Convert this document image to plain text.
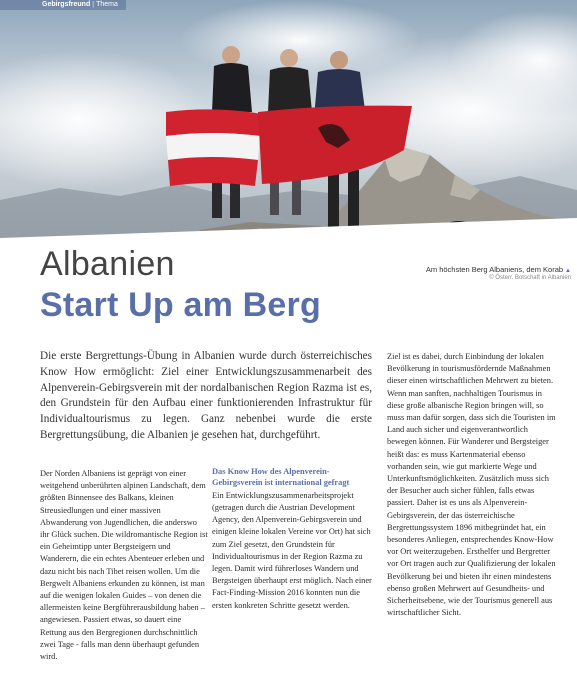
Gebirgsfreund | Thema
Am höchsten Berg Albaniens, dem Korab ▲
© Österr. Botschaft in Albanien
Albanien
Start Up am Berg

Die erste Bergrettungs-Übung in Albanien wurde durch österreichisches Know How ermöglicht: Ziel einer Entwicklungszusammenarbeit des Alpenverein-Gebirgsverein mit der nordalbanischen Region Razma ist es, den Grundstein für den Aufbau einer funktionierenden Infrastruktur für Individualtourismus zu legen. Ganz nebenbei wurde die erste Bergrettungsübung, die Albanien je gesehen hat, durchgeführt.

Der Norden Albaniens ist geprägt von einer weitgehend unberührten alpinen Landschaft, dem größten Binnensee des Balkans, kleinen Streusiedlungen und einer massiven Abwanderung von Jugendlichen, die anderswo ihr Glück suchen. Die wildromantische Region ist ein Geheimtipp unter Bergsteigern und Wanderern, die ein echtes Abenteuer erleben und dazu nicht bis nach Tibet reisen wollen. Um die Bergwelt Albaniens erkunden zu können, ist man auf die wenigen lokalen Guides – von denen die allermeisten keine Bergführerausbildung haben – angewiesen. Passiert etwas, so dauert eine Rettung aus den Bergregionen durchschnittlich zwei Tage - falls man denn überhaupt gefunden wird.

Das Know How des Alpenverein-Gebirgsverein ist international gefragt

Ein Entwicklungszusammenarbeitsprojekt (getragen durch die Austrian Development Agency, den Alpenverein-Gebirgsverein und einigen kleine lokalen Vereine vor Ort) hat sich zum Ziel gesetzt, den Grundstein für Individualtourismus in der Region Razma zu legen. Damit wird führerloses Wandern und Bergsteigen überhaupt erst möglich. Nach einer Fact-Finding-Mission 2016 konnten nun die ersten konkreten Schritte gesetzt werden.

Ziel ist es dabei, durch Einbindung der lokalen Bevölkerung in tourismusfördernde Maßnahmen dieser einen wirtschaftlichen Mehrwert zu bieten. Wenn man sanften, nachhaltigen Tourismus in diese große albanische Region bringen will, so muss man dafür sorgen, dass sich die Touristen im Land auch sicher und eigenverantwortlich bewegen können. Für Wanderer und Bergsteiger heißt das: es muss Kartenmaterial ebenso vorhanden sein, wie gut markierte Wege und Unterkunftsmöglichkeiten. Zusätzlich muss sich der Besucher auch sicher fühlen, falls etwas passiert. Daher ist es uns als Alpenverein-Gebirgsverein, der das österreichische Bergrettungssystem 1896 mitbegründet hat, ein besonderes Anliegen, entsprechendes Know-How vor Ort weiterzugeben. Ersthelfer und Bergretter vor Ort tragen auch zur Qualifizierung der lokalen Bevölkerung bei und bieten ihr einen mindestens ebenso großen Mehrwert auf Gesundheits- und Sicherheitsebene, wie der Tourismus generell aus wirtschaftlicher Sicht.
